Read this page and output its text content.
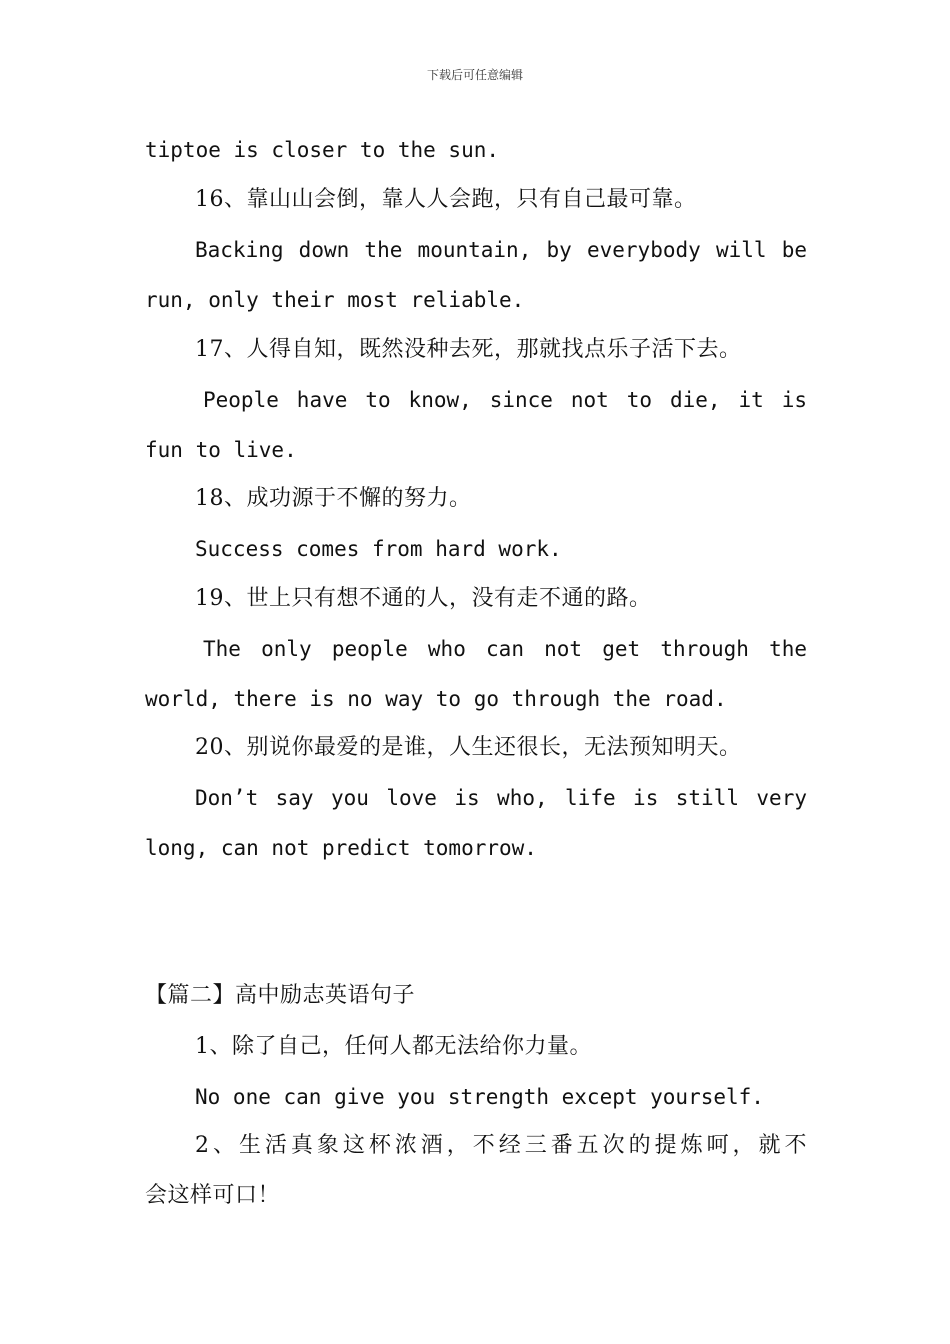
下载后可任意编辑
tiptoe is closer to the sun.
16、靠山山会倒，靠人人会跑，只有自己最可靠。
Backing down the mountain, by everybody will be
run, only their most reliable.
17、人得自知，既然没种去死，那就找点乐子活下去。
People have to know, since not to die, it is
fun to live.
18、成功源于不懈的努力。
Success comes from hard work.
19、世上只有想不通的人，没有走不通的路。
The only people who can not get through the
world, there is no way to go through the road.
20、别说你最爱的是谁，人生还很长，无法预知明天。
Don’t say you love is who, life is still very
long, can not predict tomorrow.
【篇二】高中励志英语句子
1、除了自己，任何人都无法给你力量。
No one can give you strength except yourself.
2、生活真象这杯浓酒，不经三番五次的提炼呵，就不
会这样可口！
